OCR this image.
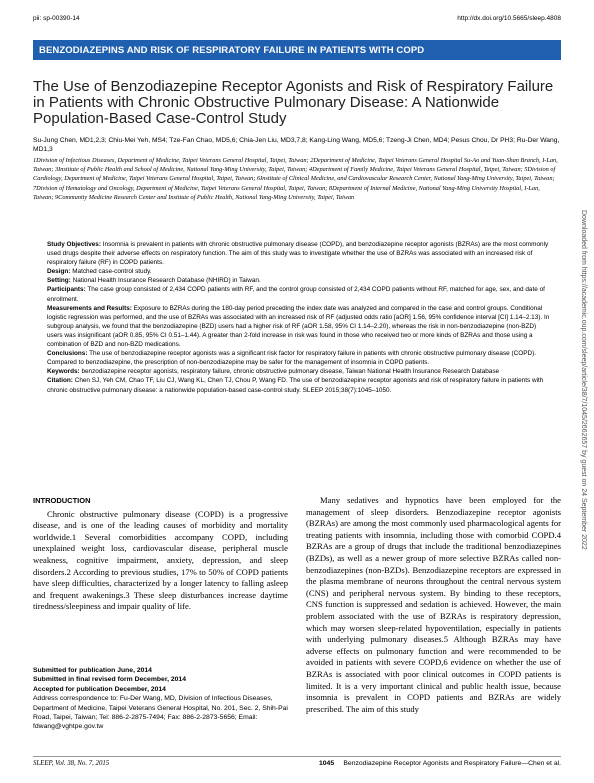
pii: sp-00390-14	http://dx.doi.org/10.5665/sleep.4808
BENZODIAZEPINS AND RISK OF RESPIRATORY FAILURE IN PATIENTS WITH COPD
The Use of Benzodiazepine Receptor Agonists and Risk of Respiratory Failure in Patients with Chronic Obstructive Pulmonary Disease: A Nationwide Population-Based Case-Control Study
Su-Jung Chen, MD1,2,3; Chiu-Mei Yeh, MS4; Tze-Fan Chao, MD5,6; Chia-Jen Liu, MD3,7,8; Kang-Ling Wang, MD5,6; Tzeng-Ji Chen, MD4; Pesus Chou, Dr PH3; Ru-Der Wang, MD1,3
1Division of Infectious Diseases, Department of Medicine, Taipei Veterans General Hospital, Taipei, Taiwan; 2Department of Medicine, Taipei Veterans General Hospital Su-Ao and Yuan-Shan Branch, I-Lan, Taiwan; 3Institute of Public Health and School of Medicine, National Yang-Ming University, Taipei, Taiwan; 4Department of Family Medicine, Taipei Veterans General Hospital, Taipei, Taiwan; 5Division of Cardiology, Department of Medicine, Taipei Veterans General Hospital, Taipei, Taiwan; 6Institute of Clinical Medicine, and Cardiovascular Research Center, National Yang-Ming University, Taipei, Taiwan; 7Division of Hematology and Oncology, Department of Medicine, Taipei Veterans General Hospital, Taipei, Taiwan; 8Department of Internal Medicine, National Yang-Ming University Hospital, I-Lan, Taiwan; 9Community Medicine Research Center and Institute of Public Health, National Yang-Ming University, Taipei, Taiwan

Study Objectives: Insomnia is prevalent in patients with chronic obstructive pulmonary disease (COPD), and benzodiazepine receptor agonists (BZRAs) are the most commonly used drugs despite their adverse effects on respiratory function. The aim of this study was to investigate whether the use of BZRAs was associated with an increased risk of respiratory failure (RF) in COPD patients.

Design: Matched case-control study.

Setting: National Health Insurance Research Database (NHIRD) in Taiwan.

Participants: The case group consisted of 2,434 COPD patients with RF, and the control group consisted of 2,434 COPD patients without RF, matched for age, sex, and date of enrollment.

Measurements and Results: Exposure to BZRAs during the 180-day period preceding the index date was analyzed and compared in the case and control groups. Conditional logistic regression was performed, and the use of BZRAs was associated with an increased risk of RF (adjusted odds ratio [aOR] 1.56, 95% confidence interval [CI] 1.14–2.13). In subgroup analysis, we found that the benzodiazepine (BZD) users had a higher risk of RF (aOR 1.58, 95% CI 1.14–2.20), whereas the risk in non-benzodiazepine (non-BZD) users was insignificant (aOR 0.85, 95% CI 0.51–1.44). A greater than 2-fold increase in risk was found in those who received two or more kinds of BZRAs and those using a combination of BZD and non-BZD medications.

Conclusions: The use of benzodiazepine receptor agonists was a significant risk factor for respiratory failure in patients with chronic obstructive pulmonary disease (COPD). Compared to benzodiazepine, the prescription of non-benzodiazepine may be safer for the management of insomnia in COPD patients.

Keywords: benzodiazepine receptor agonists, respiratory failure, chronic obstructive pulmonary disease, Taiwan National Health Insurance Research Database

Citation: Chen SJ, Yeh CM, Chao TF, Liu CJ, Wang KL, Chen TJ, Chou P, Wang FD. The use of benzodiazepine receptor agonists and risk of respiratory failure in patients with chronic obstructive pulmonary disease: a nationwide population-based case-control study. SLEEP 2015;38(7):1045–1050.

INTRODUCTION

Chronic obstructive pulmonary disease (COPD) is a progressive disease, and is one of the leading causes of morbidity and mortality worldwide.1 Several comorbidities accompany COPD, including unexplained weight loss, cardiovascular disease, peripheral muscle weakness, cognitive impairment, anxiety, depression, and sleep disorders.2 According to previous studies, 17% to 50% of COPD patients have sleep difficulties, characterized by a longer latency to falling asleep and frequent awakenings.3 These sleep disturbances increase daytime tiredness/sleepiness and impair quality of life.

Many sedatives and hypnotics have been employed for the management of sleep disorders. Benzodiazepine receptor agonists (BZRAs) are among the most commonly used pharmacological agents for treating patients with insomnia, including those with comorbid COPD.4 BZRAs are a group of drugs that include the traditional benzodiazepines (BZDs), as well as a newer group of more selective BZRAs called non-benzodiazepines (non-BZDs). Benzodiazepine receptors are expressed in the plasma membrane of neurons throughout the central nervous system (CNS) and peripheral nervous system. By binding to these receptors, CNS function is suppressed and sedation is achieved. However, the main problem associated with the use of BZRAs is respiratory depression, which may worsen sleep-related hypoventilation, especially in patients with underlying pulmonary diseases.5 Although BZRAs may have adverse effects on pulmonary function and were recommended to be avoided in patients with severe COPD,6 evidence on whether the use of BZRAs is associated with poor clinical outcomes in COPD patients is limited. It is a very important clinical and public health issue, because insomnia is prevalent in COPD patients and BZRAs are widely prescribed. The aim of this study

Submitted for publication June, 2014
Submitted in final revised form December, 2014
Accepted for publication December, 2014
Address correspondence to: Fu-Der Wang, MD, Division of Infectious Diseases, Department of Medicine, Taipei Veterans General Hospital, No. 201, Sec. 2, Shih-Pai Road, Taipei, Taiwan; Tel: 886-2-2875-7494; Fax: 886-2-2873-5656; Email: fdwang@vghtpe.gov.tw
SLEEP, Vol. 38, No. 7, 2015	1045 Benzodiazepine Receptor Agonists and Respiratory Failure—Chen et al.
Downloaded from https://academic.oup.com/sleep/article/38/7/1045/2662657 by guest on 24 September 2022
